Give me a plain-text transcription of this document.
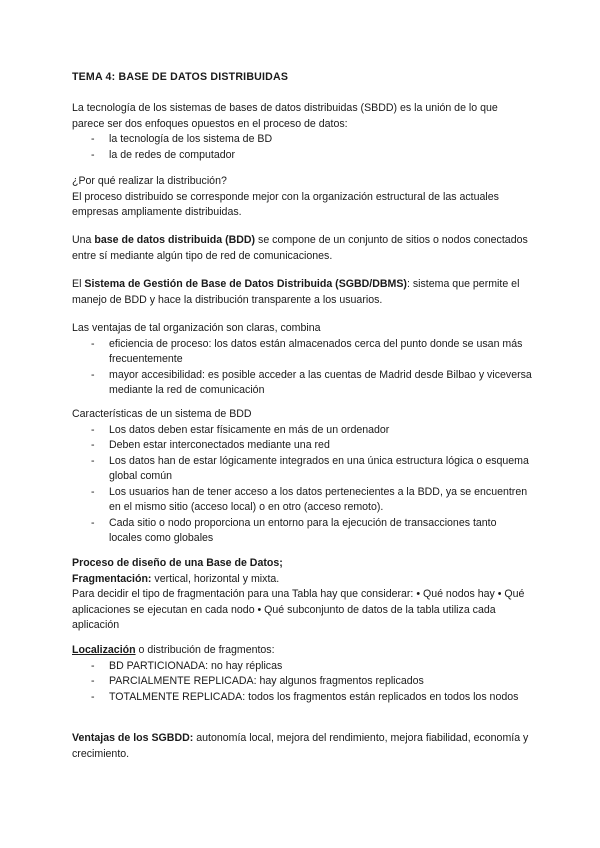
TEMA 4: BASE DE DATOS DISTRIBUIDAS

La tecnología de los sistemas de bases de datos distribuidas (SBDD) es la unión de lo que parece ser dos enfoques opuestos en el proceso de datos:

- la tecnología de los sistema de BD
- la de redes de computador

¿Por qué realizar la distribución?

El proceso distribuido se corresponde mejor con la organización estructural de las actuales empresas ampliamente distribuidas.

Una base de datos distribuida (BDD) se compone de un conjunto de sitios o nodos conectados entre sí mediante algún tipo de red de comunicaciones.

El Sistema de Gestión de Base de Datos Distribuida (SGBD/DBMS): sistema que permite el manejo de BDD y hace la distribución transparente a los usuarios.

Las ventajas de tal organización son claras, combina

- eficiencia de proceso: los datos están almacenados cerca del punto donde se usan más frecuentemente
- mayor accesibilidad: es posible acceder a las cuentas de Madrid desde Bilbao y viceversa mediante la red de comunicación

Características de un sistema de BDD

- Los datos deben estar físicamente en más de un ordenador
- Deben estar interconectados mediante una red
- Los datos han de estar lógicamente integrados en una única estructura lógica o esquema global común
- Los usuarios han de tener acceso a los datos pertenecientes a la BDD, ya se encuentren en el mismo sitio (acceso local) o en otro (acceso remoto).
- Cada sitio o nodo proporciona un entorno para la ejecución de transacciones tanto locales como globales

Proceso de diseño de una Base de Datos;

Fragmentación: vertical, horizontal y mixta.

Para decidir el tipo de fragmentación para una Tabla hay que considerar: • Qué nodos hay • Qué aplicaciones se ejecutan en cada nodo • Qué subconjunto de datos de la tabla utiliza cada aplicación

Localización o distribución de fragmentos:

- BD PARTICIONADA: no hay réplicas
- PARCIALMENTE REPLICADA: hay algunos fragmentos replicados
- TOTALMENTE REPLICADA: todos los fragmentos están replicados en todos los nodos

Ventajas de los SGBDD: autonomía local, mejora del rendimiento, mejora fiabilidad, economía y crecimiento.
